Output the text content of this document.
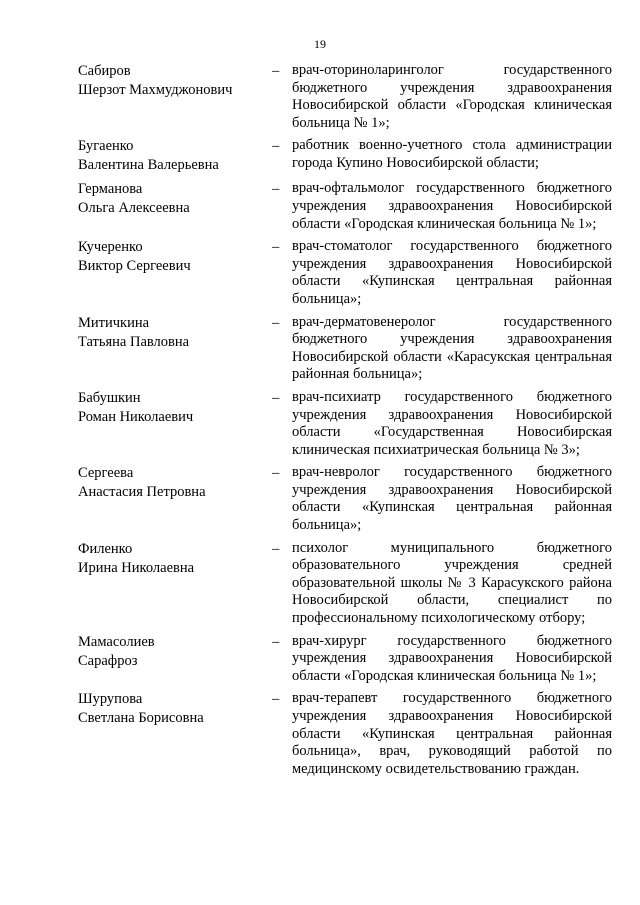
19
Сабиров
Шерзот Махмуджонович
– врач-оториноларинголог государственного бюджетного учреждения здравоохранения Новосибирской области «Городская клиническая больница № 1»;
Бугаенко
Валентина Валерьевна
– работник военно-учетного стола администрации города Купино Новосибирской области;
Германова
Ольга Алексеевна
– врач-офтальмолог государственного бюджетного учреждения здравоохранения Новосибирской области «Городская клиническая больница № 1»;
Кучеренко
Виктор Сергеевич
– врач-стоматолог государственного бюджетного учреждения здравоохранения Новосибирской области «Купинская центральная районная больница»;
Митичкина
Татьяна Павловна
– врач-дерматовенеролог государственного бюджетного учреждения здравоохранения Новосибирской области «Карасукская центральная районная больница»;
Бабушкин
Роман Николаевич
– врач-психиатр государственного бюджетного учреждения здравоохранения Новосибирской области «Государственная Новосибирская клиническая психиатрическая больница № 3»;
Сергеева
Анастасия Петровна
– врач-невролог государственного бюджетного учреждения здравоохранения Новосибирской области «Купинская центральная районная больница»;
Филенко
Ирина Николаевна
– психолог муниципального бюджетного образовательного учреждения средней образовательной школы № 3 Карасукского района Новосибирской области, специалист по профессиональному психологическому отбору;
Мамасолиев
Сарафроз
– врач-хирург государственного бюджетного учреждения здравоохранения Новосибирской области «Городская клиническая больница № 1»;
Шурупова
Светлана Борисовна
– врач-терапевт государственного бюджетного учреждения здравоохранения Новосибирской области «Купинская центральная районная больница», врач, руководящий работой по медицинскому освидетельствованию граждан.
